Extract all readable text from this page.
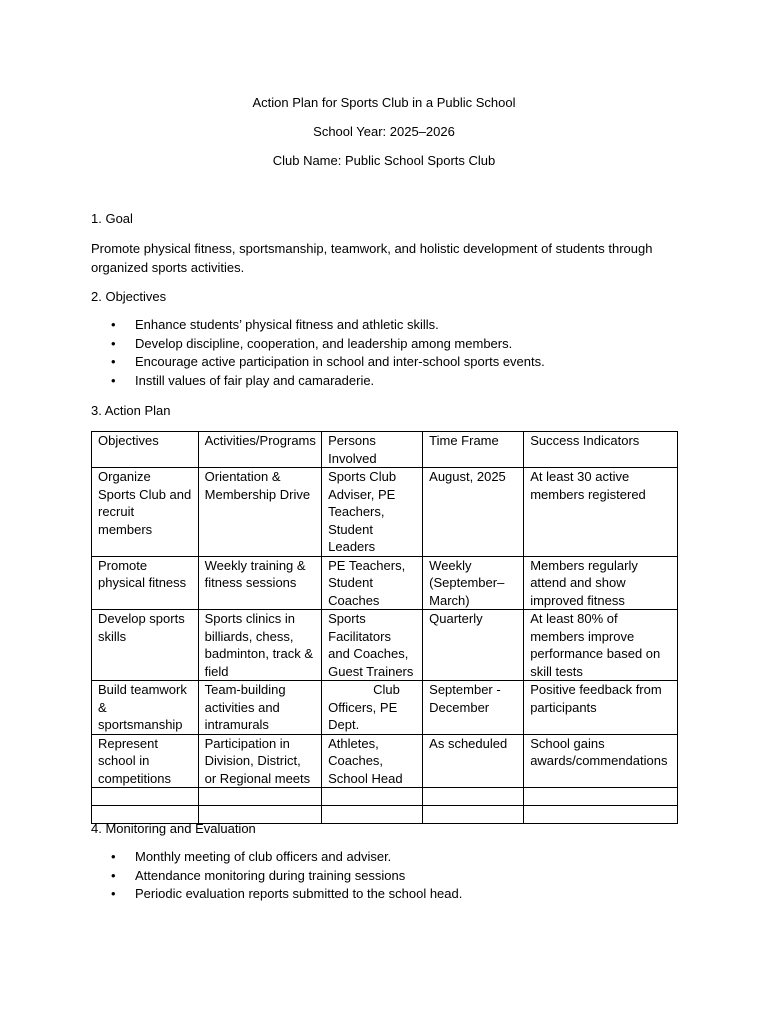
Action Plan for Sports Club in a Public School
School Year: 2025–2026
Club Name: Public School Sports Club
1. Goal
Promote physical fitness, sportsmanship, teamwork, and holistic development of students through organized sports activities.
2. Objectives
• Enhance students’ physical fitness and athletic skills.
• Develop discipline, cooperation, and leadership among members.
• Encourage active participation in school and inter-school sports events.
• Instill values of fair play and camaraderie.
3. Action Plan
Objectives	Activities/Programs	Persons Involved	Time Frame	Success Indicators
Organize Sports Club and recruit members	Orientation & Membership Drive	Sports Club Adviser, PE Teachers, Student Leaders	August, 2025	At least 30 active members registered
Promote physical fitness	Weekly training & fitness sessions	PE Teachers, Student Coaches	Weekly (September–March)	Members regularly attend and show improved fitness
Develop sports skills	Sports clinics in billiards, chess, badminton, track & field	Sports Facilitators and Coaches, Guest Trainers	Quarterly	At least 80% of members improve performance based on skill tests
Build teamwork & sportsmanship	Team-building activities and intramurals	Club Officers, PE Dept.	September - December	Positive feedback from participants
Represent school in competitions	Participation in Division, District, or Regional meets	Athletes, Coaches, School Head	As scheduled	School gains awards/commendations

4. Monitoring and Evaluation
• Monthly meeting of club officers and adviser.
• Attendance monitoring during training sessions
• Periodic evaluation reports submitted to the school head.
